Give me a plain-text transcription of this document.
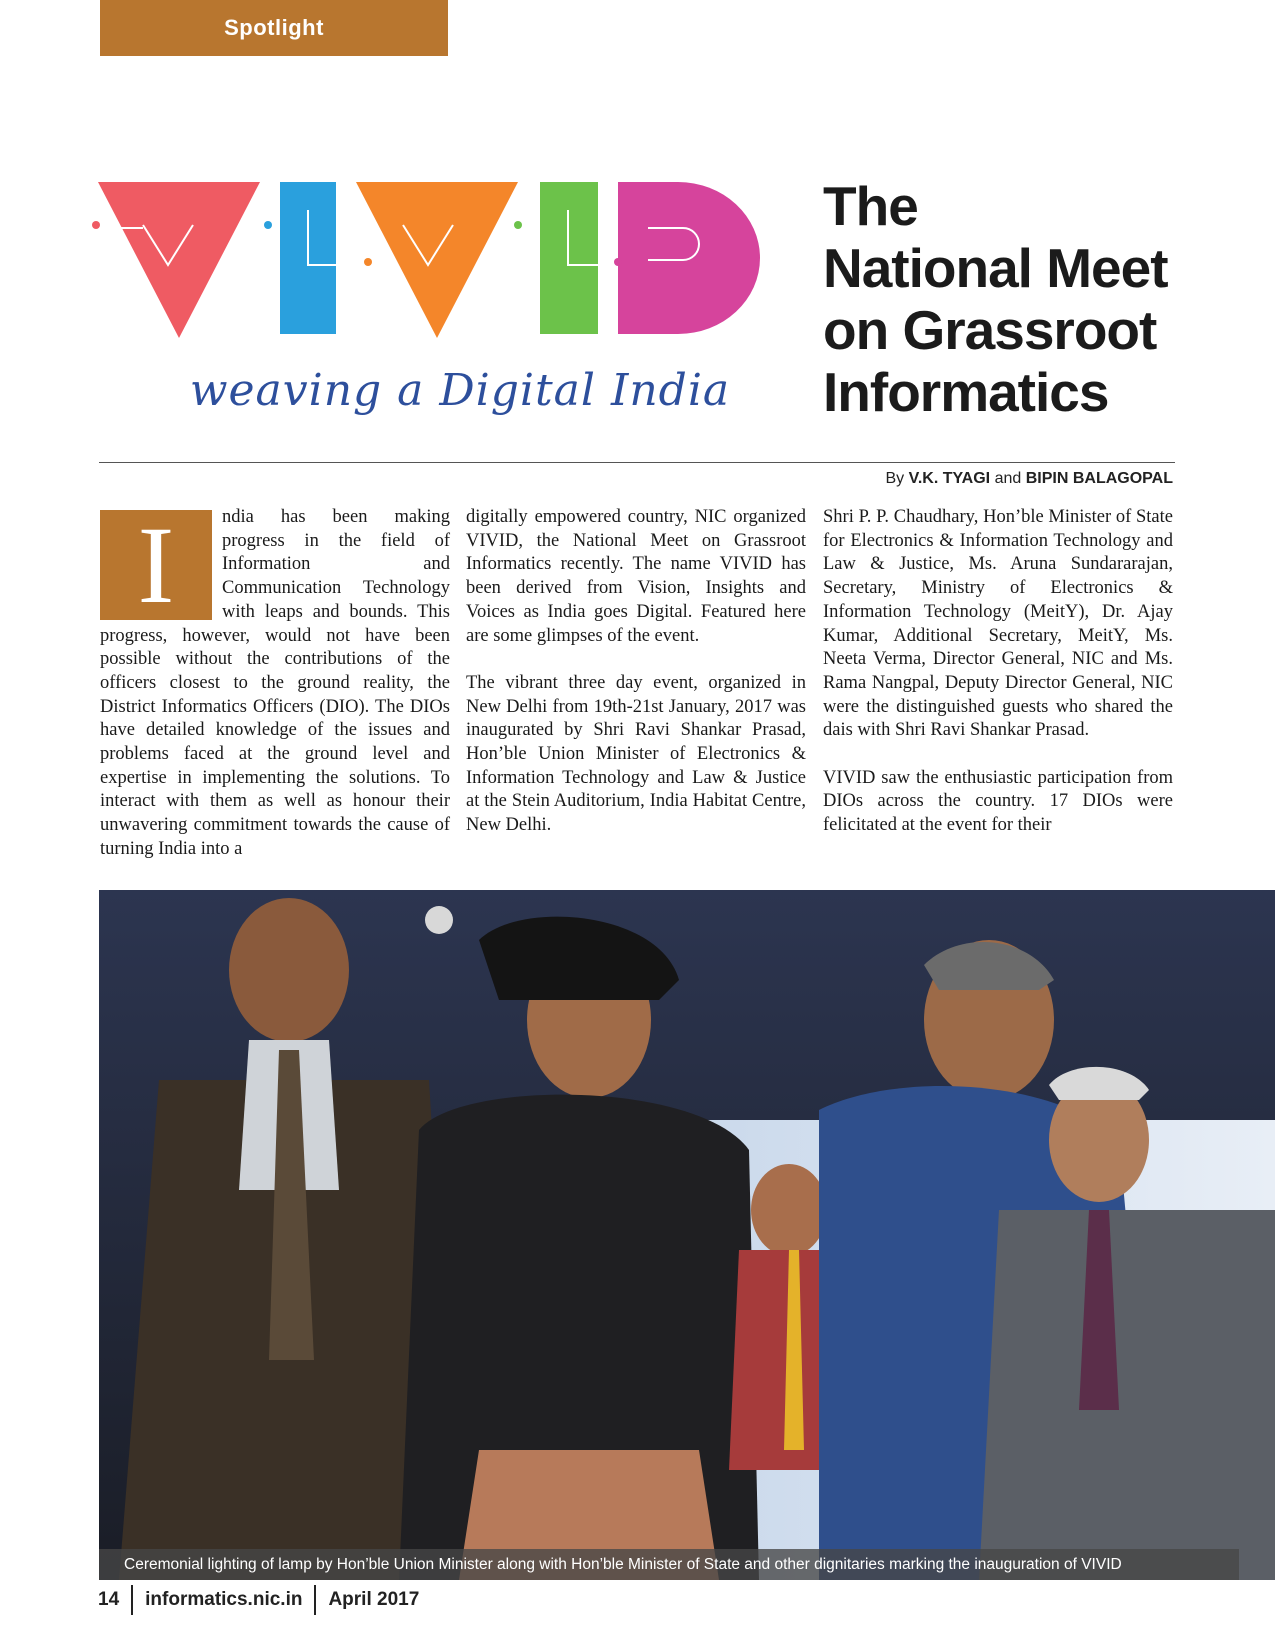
Spotlight
weaving a Digital India
The
National Meet
on Grassroot
Informatics
By V.K. TYAGI and BIPIN BALAGOPAL
I	ndia has been making progress in the field of Information and Communication Technology with leaps and bounds. This progress, however, would not have been possible without the contributions of the officers closest to the ground reality, the District Informatics Officers (DIO). The DIOs have detailed knowledge of the issues and problems faced at the ground level and expertise in implementing the solutions. To interact with them as well as honour their unwavering commitment towards the cause of turning India into a

digitally empowered country, NIC organized VIVID, the National Meet on Grassroot Informatics recently. The name VIVID has been derived from Vision, Insights and Voices as India goes Digital. Featured here are some glimpses of the event.

The vibrant three day event, organized in New Delhi from 19th-21st January, 2017 was inaugurated by Shri Ravi Shankar Prasad, Hon’ble Union Minister of Electronics & Information Technology and Law & Justice at the Stein Auditorium, India Habitat Centre, New Delhi.

Shri P. P. Chaudhary, Hon’ble Minister of State for Electronics & Information Technology and Law & Justice, Ms. Aruna Sundararajan, Secretary, Ministry of Electronics & Information Technology (MeitY), Dr. Ajay Kumar, Additional Secretary, MeitY, Ms. Neeta Verma, Director General, NIC and Ms. Rama Nangpal, Deputy Director General, NIC were the distinguished guests who shared the dais with Shri Ravi Shankar Prasad.

VIVID saw the enthusiastic participation from DIOs across the country. 17 DIOs were felicitated at the event for their

Ceremonial lighting of lamp by Hon’ble Union Minister along with Hon’ble Minister of State and other dignitaries marking the inauguration of VIVID
14 informatics.nic.in April 2017
